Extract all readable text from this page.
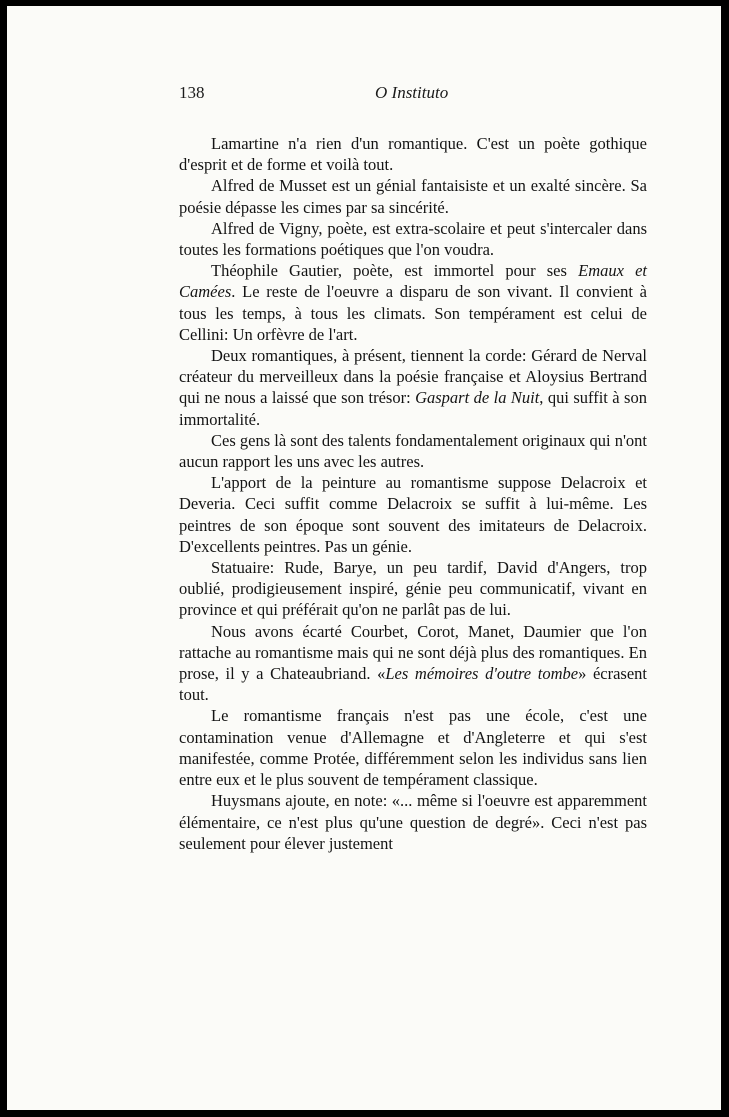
138	O Instituto

Lamartine n'a rien d'un romantique. C'est un poète gothique d'esprit et de forme et voilà tout.

Alfred de Musset est un génial fantaisiste et un exalté sincère. Sa poésie dépasse les cimes par sa sincérité.

Alfred de Vigny, poète, est extra-scolaire et peut s'intercaler dans toutes les formations poétiques que l'on voudra.

Théophile Gautier, poète, est immortel pour ses Emaux et Camées. Le reste de l'oeuvre a disparu de son vivant. Il convient à tous les temps, à tous les climats. Son tempérament est celui de Cellini: Un orfèvre de l'art.

Deux romantiques, à présent, tiennent la corde: Gérard de Nerval créateur du merveilleux dans la poésie française et Aloysius Bertrand qui ne nous a laissé que son trésor: Gaspart de la Nuit, qui suffit à son immortalité.

Ces gens là sont des talents fondamentalement originaux qui n'ont aucun rapport les uns avec les autres.

L'apport de la peinture au romantisme suppose Delacroix et Deveria. Ceci suffit comme Delacroix se suffit à lui-même. Les peintres de son époque sont souvent des imitateurs de Delacroix. D'excellents peintres. Pas un génie.

Statuaire: Rude, Barye, un peu tardif, David d'Angers, trop oublié, prodigieusement inspiré, génie peu communicatif, vivant en province et qui préférait qu'on ne parlât pas de lui.

Nous avons écarté Courbet, Corot, Manet, Daumier que l'on rattache au romantisme mais qui ne sont déjà plus des romantiques. En prose, il y a Chateaubriand. «Les mémoires d'outre tombe» écrasent tout.

Le romantisme français n'est pas une école, c'est une contamination venue d'Allemagne et d'Angleterre et qui s'est manifestée, comme Protée, différemment selon les individus sans lien entre eux et le plus souvent de tempérament classique.

Huysmans ajoute, en note: «... même si l'oeuvre est apparemment élémentaire, ce n'est plus qu'une question de degré». Ceci n'est pas seulement pour élever justement
